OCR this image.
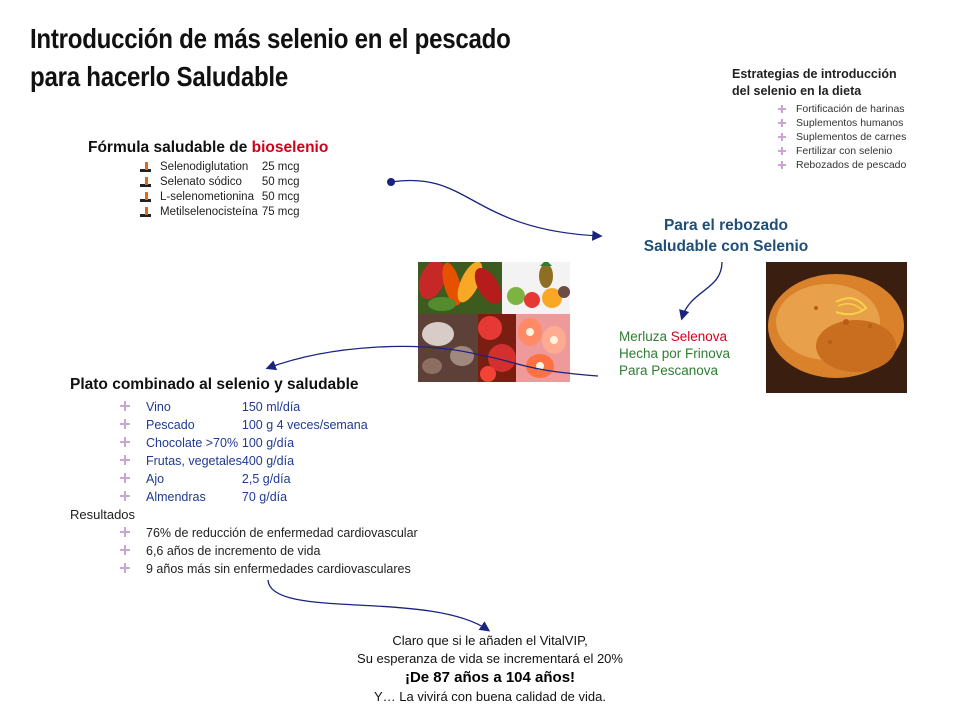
Introducción de más selenio en el pescado
para hacerlo Saludable	Estrategias de introducción
del selenio en la dieta
Fortificación de harinas
Suplementos humanos
Suplementos de carnes
Fertilizar con selenio
Rebozados de pescado
Fórmula saludable de bioselenio
Selenodiglutation	25 mcg

Selenato sódico	50 mcg

L-selenometionina	50 mcg

Metilselenocisteína	75 mcg
Para el rebozado
Saludable con Selenio
Merluza Selenova
Hecha por Frinova
Para Pescanova
Plato combinado al selenio y saludable
Vino	150 ml/día

Pescado	100 g 4 veces/semana

Chocolate >70%	100 g/día

Frutas, vegetales	400 g/día

Ajo	2,5 g/día

Almendras	70 g/día
Resultados
76% de reducción de enfermedad cardiovascular
6,6 años de incremento de vida
9 años más sin enfermedades cardiovasculares
Claro que si le añaden el VitalVIP,
Su esperanza de vida se incrementará el 20%
¡De 87 años a 104 años!
Y… La vivirá con buena calidad de vida.
